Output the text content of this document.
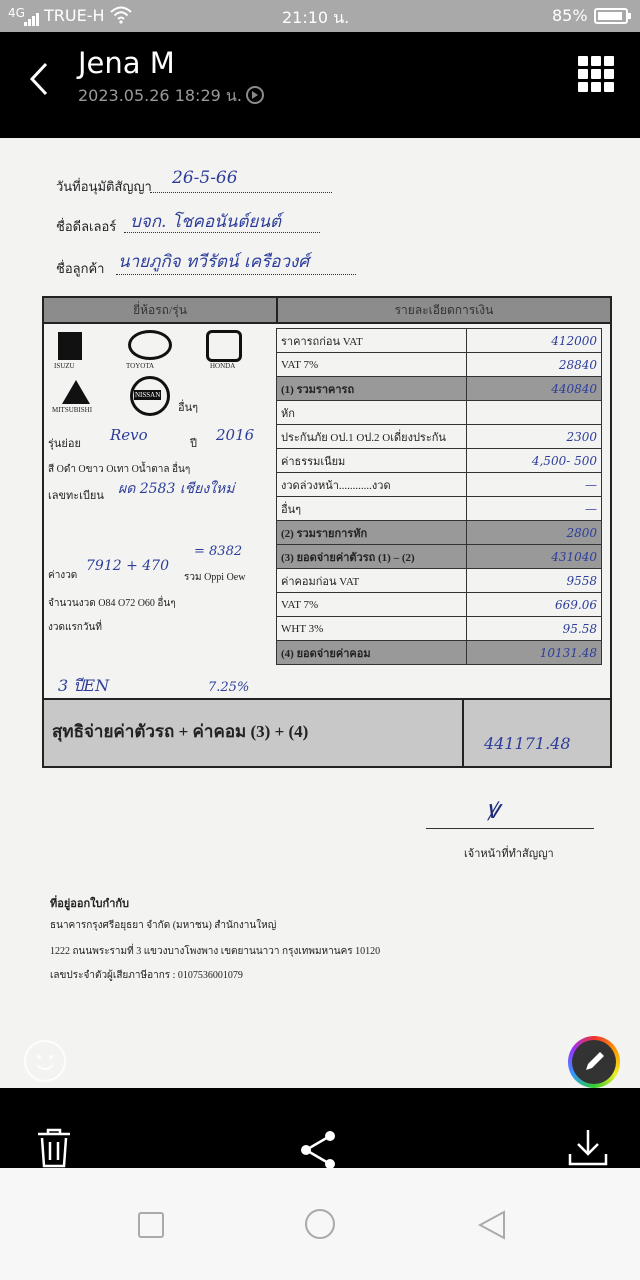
4G TRUE-H	21:10 น.	85%
Jena M
2023.05.26 18:29 น.
วันที่อนุมัติสัญญา 26-5-66
ชื่อดีลเลอร์ บจก. โชคอนันต์ยนต์
ชื่อลูกค้า นายภูกิจ ทวีรัตน์ เครือวงศ์
ยี่ห้อรถ/รุ่น	รายละเอียดการเงิน
ISUZU	TOYOTA	HONDA
MITSUBISHI
NISSAN
อื่นๆ
รุ่นย่อย Revo	ปี 2016
สี Oดำ Oขาว Oเทา Oน้ำตาล อื่นๆ
เลขทะเบียน ผด 2583 เชียงใหม่
= 8382
ค่างวด
7912 + 470
รวม Oppi Oew
จำนวนงวด O84 O72 O60 อื่นๆ
งวดแรกวันที่
3 ปีEN	7.25%
สุทธิจ่ายค่าตัวรถ + ค่าคอม (3) + (4)
441171.48
ราคารถก่อน VAT	412000
VAT 7%	28840
(1) รวมราคารถ	440840
หัก	
ประกันภัย Oป.1 Oป.2 Oเดี่ยงประกัน	2300
ค่าธรรมเนียม	4,500- 500
งวดล่วงหน้า............งวด	—
อื่นๆ	—
(2) รวมรายการหัก	2800
(3) ยอดจ่ายค่าตัวรถ (1) – (2)	431040
ค่าคอมก่อน VAT	9558
VAT 7%	669.06
WHT 3%	95.58
(4) ยอดจ่ายค่าคอม	10131.48
ꝟ
เจ้าหน้าที่ทำสัญญา
ที่อยู่ออกใบกำกับ
ธนาคารกรุงศรีอยุธยา จำกัด (มหาชน) สำนักงานใหญ่
1222 ถนนพระรามที่ 3 แขวงบางโพงพาง เขตยานนาวา กรุงเทพมหานคร 10120
เลขประจำตัวผู้เสียภาษีอากร : 0107536001079
